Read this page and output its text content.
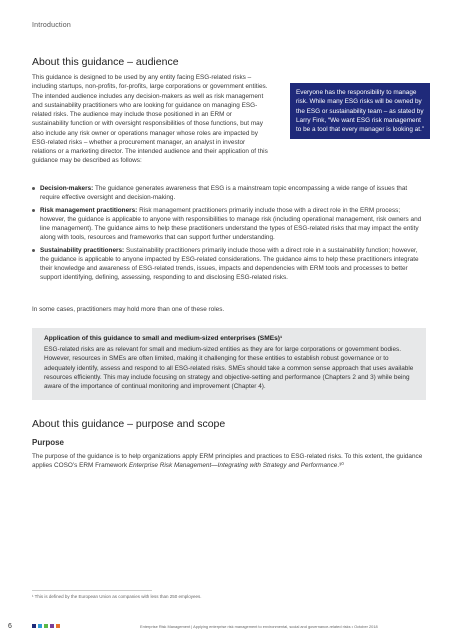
Introduction
About this guidance – audience

This guidance is designed to be used by any entity facing ESG-related risks – including startups, non-profits, for-profits, large corporations or government entities. The intended audience includes any decision-makers as well as risk management and sustainability practitioners who are looking for guidance on managing ESG-related risks. The audience may include those positioned in an ERM or sustainability function or with oversight responsibilities of those functions, but may also include any risk owner or operations manager whose roles are impacted by ESG-related risks – whether a procurement manager, an analyst in investor relations or a marketing director. The intended audience and their application of this guidance may be described as follows:

Everyone has the responsibility to manage risk. While many ESG risks will be owned by the ESG or sustainability team – as stated by Larry Fink, “We want ESG risk management to be a tool that every manager is looking at.”
Decision-makers: The guidance generates awareness that ESG is a mainstream topic encompassing a wide range of issues that require effective oversight and decision-making.
Risk management practitioners: Risk management practitioners primarily include those with a direct role in the ERM process; however, the guidance is applicable to anyone with responsibilities to manage risk (including operational management, risk owners and line management). The guidance aims to help these practitioners understand the types of ESG-related risks that may impact the entity along with tools, resources and frameworks that can support further understanding.
Sustainability practitioners: Sustainability practitioners primarily include those with a direct role in a sustainability function; however, the guidance is applicable to anyone impacted by ESG-related considerations. The guidance aims to help these practitioners integrate their knowledge and awareness of ESG-related trends, issues, impacts and dependencies with ERM tools and processes to better support identifying, defining, assessing, responding to and disclosing ESG-related risks.

In some cases, practitioners may hold more than one of these roles.

Application of this guidance to small and medium-sized enterprises (SMEs)¹
ESG-related risks are as relevant for small and medium-sized entities as they are for large corporations or government bodies. However, resources in SMEs are often limited, making it challenging for these entities to establish robust governance or to adequately identify, assess and respond to all ESG-related risks. SMEs should take a common sense approach that uses available resources efficiently. This may include focusing on strategy and objective-setting and performance (Chapters 2 and 3) while being aware of the importance of continual monitoring and improvement (Chapter 4).
About this guidance – purpose and scope
Purpose

The purpose of the guidance is to help organizations apply ERM principles and practices to ESG-related risks. To this extent, the guidance applies COSO’s ERM Framework Enterprise Risk Management—Integrating with Strategy and Performance.³⁰

¹ This is defined by the European Union as companies with less than 250 employees.

6	Enterprise Risk Management | Applying enterprise risk management to environmental, social and governance-related risks • October 2018
